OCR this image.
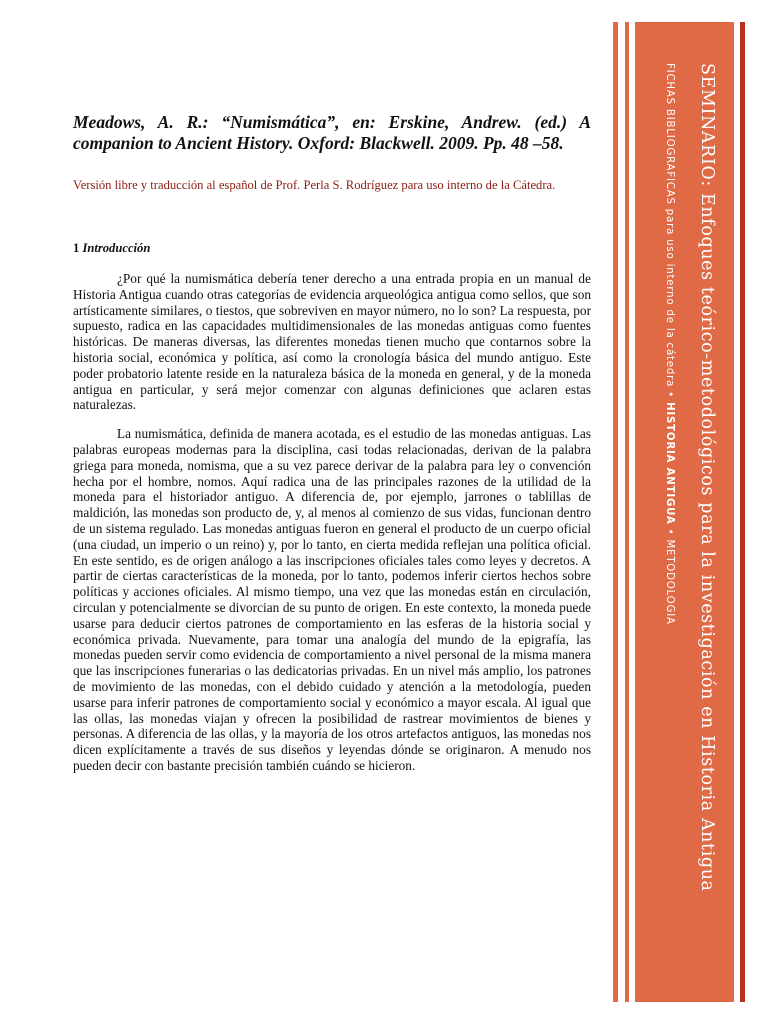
SEMINARIO: Enfoques teórico-metodológicos para la investigación en Historia Antigua
FICHAS BIBLIOGRAFICAS para uso interno de la cátedra • HISTORIA ANTIGUA • METODOLOGIA
Meadows, A. R.: “Numismática”, en: Erskine, Andrew. (ed.) A companion to Ancient History. Oxford: Blackwell. 2009. Pp. 48 –58.

Versión libre y traducción al español de Prof. Perla S. Rodríguez para uso interno de la Cátedra.

1 Introducción

¿Por qué la numismática debería tener derecho a una entrada propia en un manual de Historia Antigua cuando otras categorías de evidencia arqueológica antigua como sellos, que son artísticamente similares, o tiestos, que sobreviven en mayor número, no lo son? La respuesta, por supuesto, radica en las capacidades multidimensionales de las monedas antiguas como fuentes históricas. De maneras diversas, las diferentes monedas tienen mucho que contarnos sobre la historia social, económica y política, así como la cronología básica del mundo antiguo. Este poder probatorio latente reside en la naturaleza básica de la moneda en general, y de la moneda antigua en particular, y será mejor comenzar con algunas definiciones que aclaren estas naturalezas.

La numismática, definida de manera acotada, es el estudio de las monedas antiguas. Las palabras europeas modernas para la disciplina, casi todas relacionadas, derivan de la palabra griega para moneda, nomisma, que a su vez parece derivar de la palabra para ley o convención hecha por el hombre, nomos. Aquí radica una de las principales razones de la utilidad de la moneda para el historiador antiguo. A diferencia de, por ejemplo, jarrones o tablillas de maldición, las monedas son producto de, y, al menos al comienzo de sus vidas, funcionan dentro de un sistema regulado. Las monedas antiguas fueron en general el producto de un cuerpo oficial (una ciudad, un imperio o un reino) y, por lo tanto, en cierta medida reflejan una política oficial. En este sentido, es de origen análogo a las inscripciones oficiales tales como leyes y decretos. A partir de ciertas características de la moneda, por lo tanto, podemos inferir ciertos hechos sobre políticas y acciones oficiales. Al mismo tiempo, una vez que las monedas están en circulación, circulan y potencialmente se divorcian de su punto de origen. En este contexto, la moneda puede usarse para deducir ciertos patrones de comportamiento en las esferas de la historia social y económica privada. Nuevamente, para tomar una analogía del mundo de la epigrafía, las monedas pueden servir como evidencia de comportamiento a nivel personal de la misma manera que las inscripciones funerarias o las dedicatorias privadas. En un nivel más amplio, los patrones de movimiento de las monedas, con el debido cuidado y atención a la metodología, pueden usarse para inferir patrones de comportamiento social y económico a mayor escala. Al igual que las ollas, las monedas viajan y ofrecen la posibilidad de rastrear movimientos de bienes y personas. A diferencia de las ollas, y la mayoría de los otros artefactos antiguos, las monedas nos dicen explícitamente a través de sus diseños y leyendas dónde se originaron. A menudo nos pueden decir con bastante precisión también cuándo se hicieron.
